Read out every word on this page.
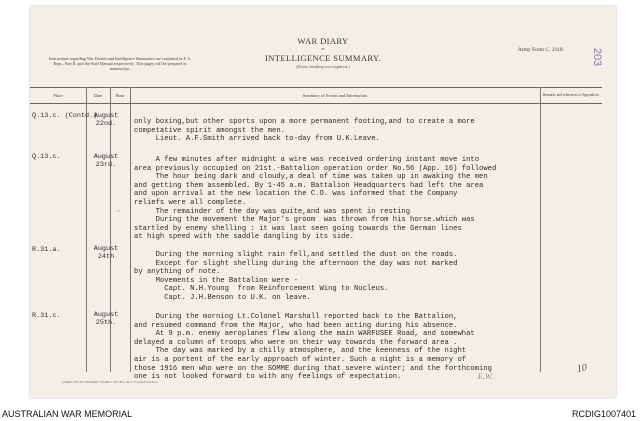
Instructions regarding War Diaries and Intelligence Summaries are contained in F. S. Regs., Part II. and the Staff Manual respectively. Title pages will be prepared in manuscript.
WAR DIARY
or
INTELLIGENCE SUMMARY.
(Erase heading not required.)
Army Form C. 2118. 203
Place	Date	Hour	Summary of Events and Information	Remarks and references to Appendices
Q.13.c. (Contd.)
August 22nd.	only boxing,but other sports upon a more permanent footing,and to create a more
competative spirit amongst the men.
Lieut. A.F.Smith arrived back to-day from U.K.Leave.
Q.13.c.	August 23rd.
A few minutes after midnight a wire was received ordering instant move into
area previously occupied on 21st.-Battalion operation order No.56 (App. 16) followed
The hour being dark and cloudy,a deal of time was taken up in awaking the men
and getting them assembled. By 1-45 a.m. Battalion Headquarters had left the area
and upon arrival at the new location the C.O. was informed that the Company
reliefs were all complete.
The remainder of the day was quite,and was spent in resting
During the movement the Major's groom  was thrown from his horse.which was
startled by enemy shelling : it was last seen going towards the German lines
at high speed with the saddle dangling by its side.
=
R.31.a.	August 24th	During the morning slight rain fell,and settled the dust on the roads.
Except for slight shelling during the afternoon the day was not marked
by anything of note.
Movements in the Battalion were -
Capt. N.H.Young  from Reinforcement Wing to Nucleus.
Capt. J.H.Benson to U.K. on leave.
R.31.c.	August 25th.
During the morning Lt.Colonel Marshall reported back to the Battalion,
and resumed command from the Major, who had been acting during his absence.
At 9 p.m. enemy aeroplanes flew along the main WARFUSEE Road, and somewhat
delayed a column of troops who were on their way towards the forward area .
The day was marked by a chilly atmosphere, and the keenness of the night
air is a portent of the early approach of winter. Such a night is a memory of
those 1916 men who were on the SOMME during that severe winter; and the forthcoming
one is not looked forward to with any feelings of expectation.
(A8001) Wt.W1253/M90 750,000 1/16 J.B.C.& A. Forms/C2118/12
E.W.
10
AUSTRALIAN WAR MEMORIAL	RCDIG1007401
